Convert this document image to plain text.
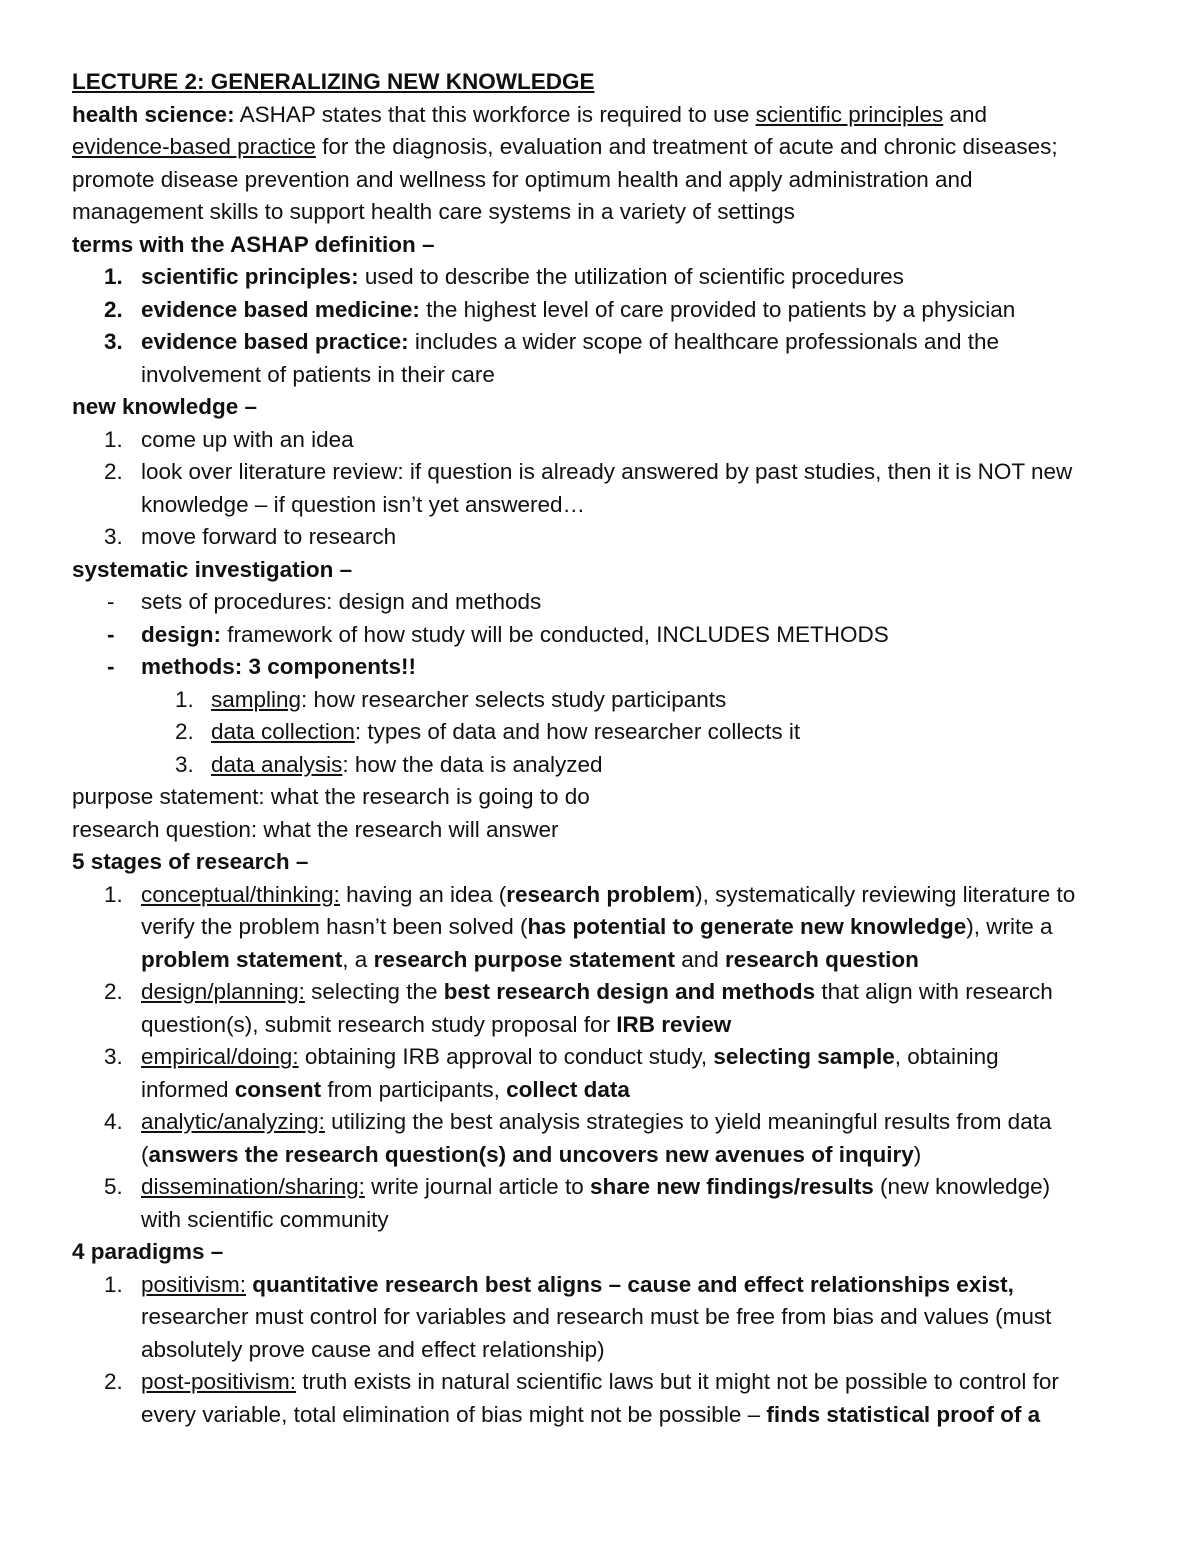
LECTURE 2: GENERALIZING NEW KNOWLEDGE
health science: ASHAP states that this workforce is required to use scientific principles and
evidence-based practice for the diagnosis, evaluation and treatment of acute and chronic diseases;
promote disease prevention and wellness for optimum health and apply administration and
management skills to support health care systems in a variety of settings
terms with the ASHAP definition –
1. scientific principles: used to describe the utilization of scientific procedures
2. evidence based medicine: the highest level of care provided to patients by a physician
3. evidence based practice: includes a wider scope of healthcare professionals and the
involvement of patients in their care
new knowledge –
1. come up with an idea
2. look over literature review: if question is already answered by past studies, then it is NOT new
knowledge – if question isn’t yet answered…
3. move forward to research
systematic investigation –
-	sets of procedures: design and methods
-	design: framework of how study will be conducted, INCLUDES METHODS
-	methods: 3 components!!
1. sampling: how researcher selects study participants
2. data collection: types of data and how researcher collects it
3. data analysis: how the data is analyzed
purpose statement: what the research is going to do
research question: what the research will answer
5 stages of research –
1. conceptual/thinking: having an idea (research problem), systematically reviewing literature to
verify the problem hasn’t been solved (has potential to generate new knowledge), write a
problem statement, a research purpose statement and research question
2. design/planning: selecting the best research design and methods that align with research
question(s), submit research study proposal for IRB review
3. empirical/doing: obtaining IRB approval to conduct study, selecting sample, obtaining
informed consent from participants, collect data
4. analytic/analyzing: utilizing the best analysis strategies to yield meaningful results from data
(answers the research question(s) and uncovers new avenues of inquiry)
5. dissemination/sharing: write journal article to share new findings/results (new knowledge)
with scientific community
4 paradigms –
1. positivism: quantitative research best aligns – cause and effect relationships exist,
researcher must control for variables and research must be free from bias and values (must
absolutely prove cause and effect relationship)
2. post-positivism: truth exists in natural scientific laws but it might not be possible to control for
every variable, total elimination of bias might not be possible – finds statistical proof of a
